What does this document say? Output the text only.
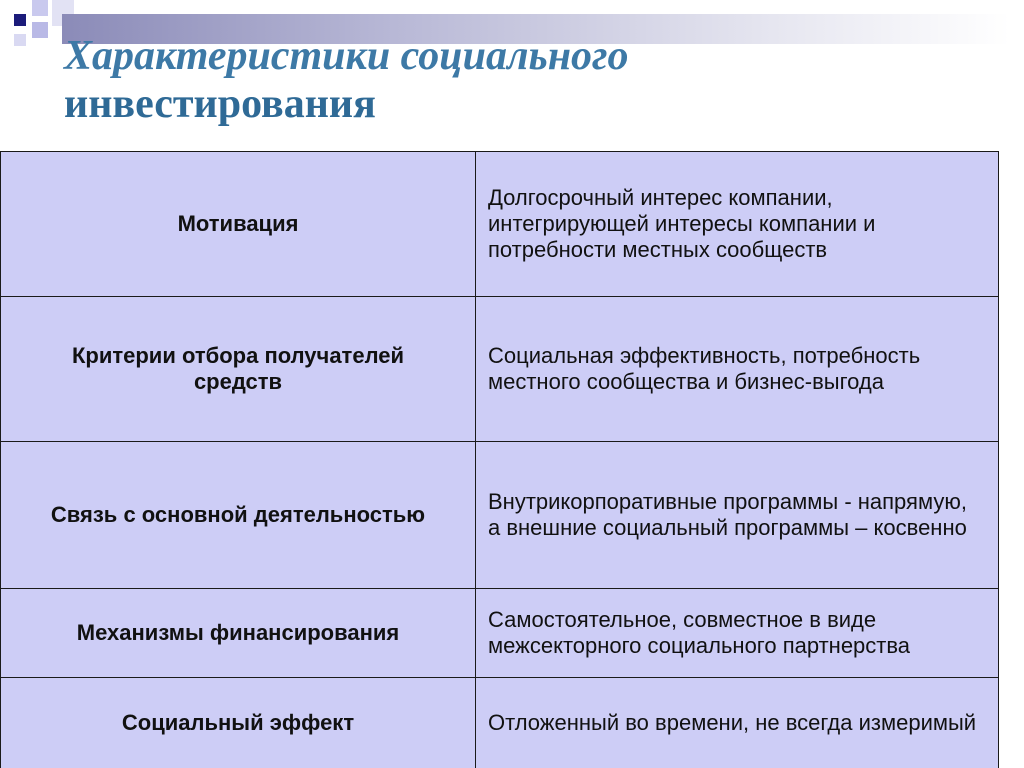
Характеристики социального
инвестирования
Мотивация	Долгосрочный интерес компании, интегрирующей интересы компании и потребности местных сообществ
Критерии отбора получателей средств	Социальная эффективность, потребность местного сообщества и бизнес-выгода
Связь с основной деятельностью	Внутрикорпоративные программы - напрямую,
а внешние социальный программы – косвенно

Механизмы финансирования	Самостоятельное, совместное в виде межсекторного социального партнерства
Социальный эффект	Отложенный во времени, не всегда измеримый
